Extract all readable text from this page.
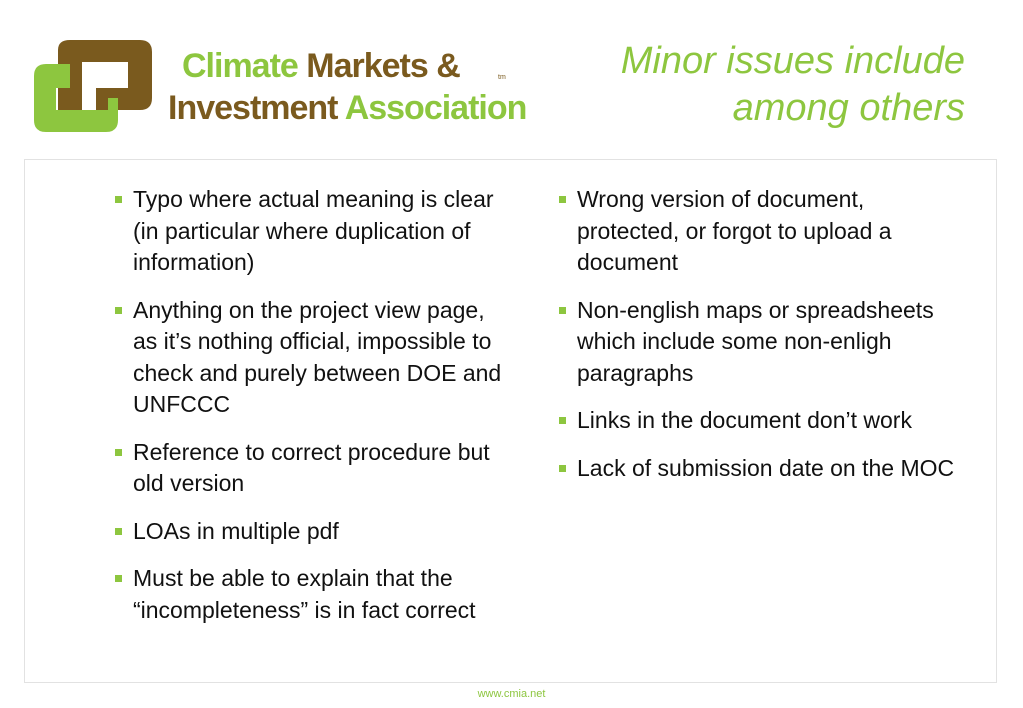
Climate Markets &	tm
Investment Association
Minor issues include
among others
Typo where actual meaning is clear (in particular where duplication of information)
Anything on the project view page, as it’s nothing official, impossible to check and purely between DOE and UNFCCC
Reference to correct procedure but old version
LOAs in multiple pdf
Must be able to explain that the “incompleteness” is in fact correct
Wrong version of document, protected, or forgot to upload a document
Non-english maps or spreadsheets which include some non-enligh paragraphs
Links in the document don’t work
Lack of submission date on the MOC
www.cmia.net
